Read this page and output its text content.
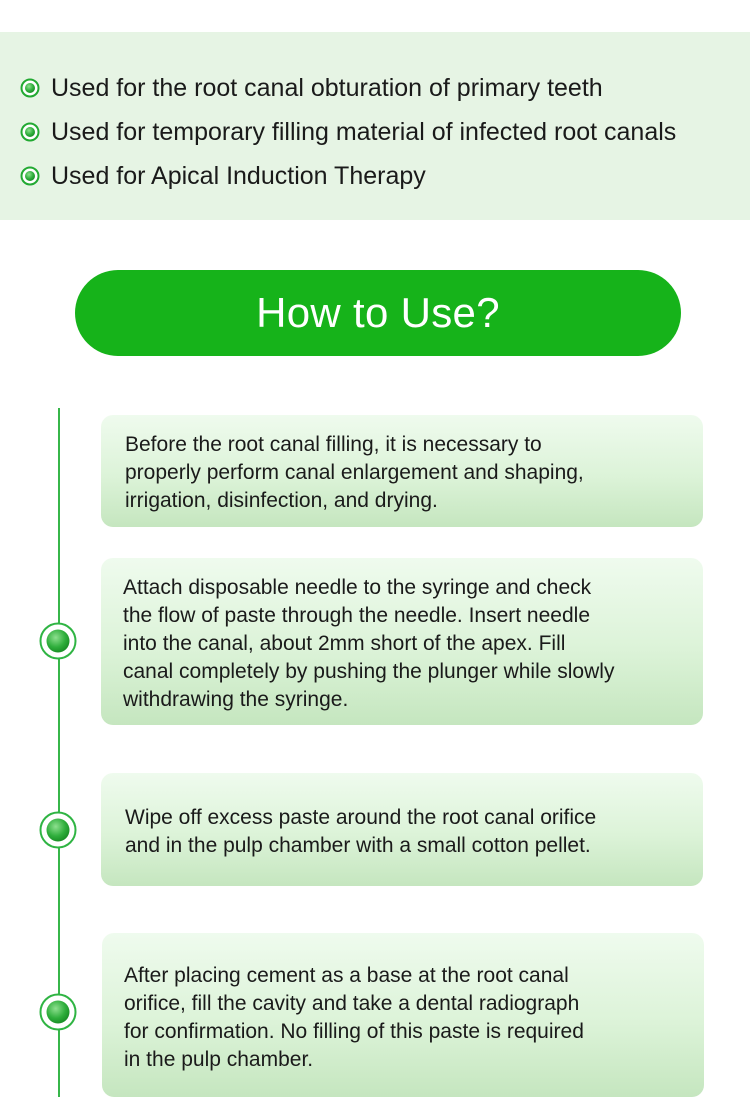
Used for the root canal obturation of primary teeth
Used for temporary filling material of infected root canals
Used for Apical Induction Therapy
How to Use?
Before the root canal filling, it is necessary to
properly perform canal enlargement and shaping,
irrigation, disinfection, and drying.
Attach disposable needle to the syringe and check
the flow of paste through the needle. Insert needle
into the canal, about 2mm short of the apex. Fill
canal completely by pushing the plunger while slowly
withdrawing the syringe.
Wipe off excess paste around the root canal orifice
and in the pulp chamber with a small cotton pellet.
After placing cement as a base at the root canal
orifice, fill the cavity and take a dental radiograph
for confirmation. No filling of this paste is required
in the pulp chamber.
